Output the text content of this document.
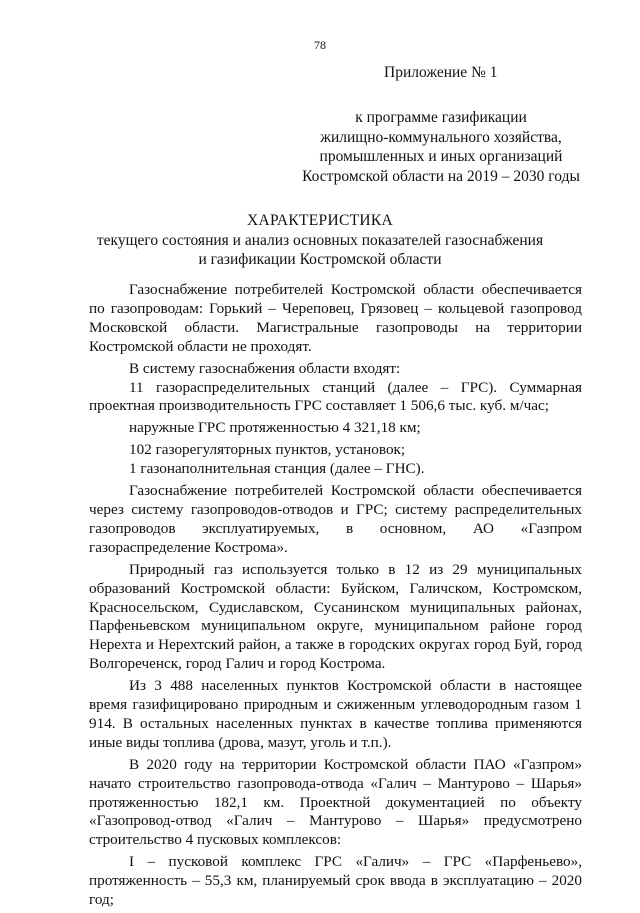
78
Приложение № 1
к программе газификации
жилищно-коммунального хозяйства,
промышленных и иных организаций
Костромской области на 2019 – 2030 годы
ХАРАКТЕРИСТИКА
текущего состояния и анализ основных показателей газоснабжения
и газификации Костромской области

Газоснабжение потребителей Костромской области обеспечивается по газопроводам: Горький – Череповец, Грязовец – кольцевой газопровод Московской области. Магистральные газопроводы на территории Костромской области не проходят.

В систему газоснабжения области входят:

11 газораспределительных станций (далее – ГРС). Суммарная проектная производительность ГРС составляет 1 506,6 тыс. куб. м/час;

наружные ГРС протяженностью 4 321,18 км;

102 газорегуляторных пунктов, установок;

1 газонаполнительная станция (далее – ГНС).

Газоснабжение потребителей Костромской области обеспечивается через систему газопроводов-отводов и ГРС; систему распределительных газопроводов эксплуатируемых, в основном, АО «Газпром газораспределение Кострома».

Природный газ используется только в 12 из 29 муниципальных образований Костромской области: Буйском, Галичском, Костромском, Красносельском, Судиславском, Сусанинском муниципальных районах, Парфеньевском муниципальном округе, муниципальном районе город Нерехта и Нерехтский район, а также в городских округах город Буй, город Волгореченск, город Галич и город Кострома.

Из 3 488 населенных пунктов Костромской области в настоящее время газифицировано природным и сжиженным углеводородным газом 1 914. В остальных населенных пунктах в качестве топлива применяются иные виды топлива (дрова, мазут, уголь и т.п.).

В 2020 году на территории Костромской области ПАО «Газпром» начато строительство газопровода-отвода «Галич – Мантурово – Шарья» протяженностью 182,1 км. Проектной документацией по объекту «Газопровод-отвод «Галич – Мантурово – Шарья» предусмотрено строительство 4 пусковых комплексов:

I – пусковой комплекс ГРС «Галич» – ГРС «Парфеньево», протяженность – 55,3 км, планируемый срок ввода в эксплуатацию – 2020 год;
